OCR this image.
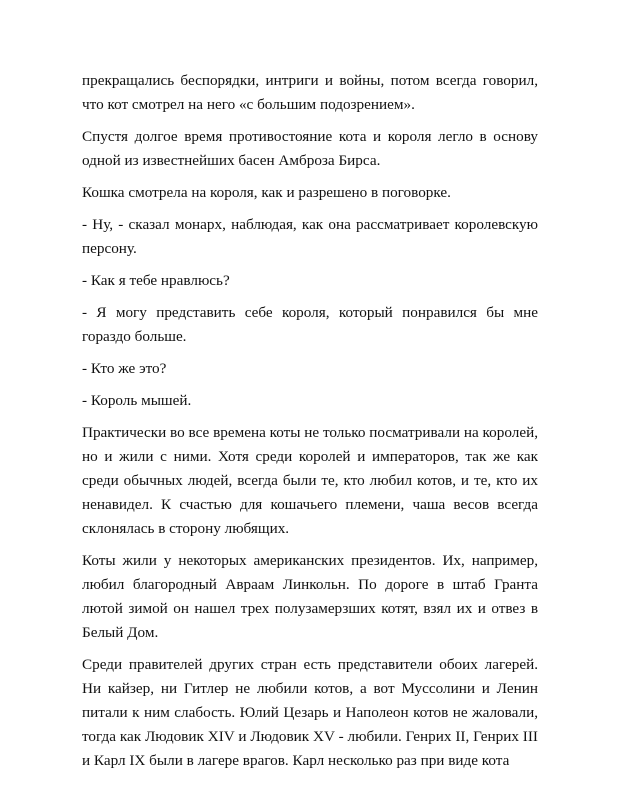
прекращались беспорядки, интриги и войны, потом всегда говорил, что кот смотрел на него «с большим подозрением».

Спустя долгое время противостояние кота и короля легло в основу одной из известнейших басен Амброза Бирса.

Кошка смотрела на короля, как и разрешено в поговорке.

- Ну, - сказал монарх, наблюдая, как она рассматривает королевскую персону.

- Как я тебе нравлюсь?

- Я могу представить себе короля, который понравился бы мне гораздо больше.

- Кто же это?

- Король мышей.

Практически во все времена коты не только посматривали на королей, но и жили с ними. Хотя среди королей и императоров, так же как среди обычных людей, всегда были те, кто любил котов, и те, кто их ненавидел. К счастью для кошачьего племени, чаша весов всегда склонялась в сторону любящих.

Коты жили у некоторых американских президентов. Их, например, любил благородный Авраам Линкольн. По дороге в штаб Гранта лютой зимой он нашел трех полузамерзших котят, взял их и отвез в Белый Дом.

Среди правителей других стран есть представители обоих лагерей. Ни кайзер, ни Гитлер не любили котов, а вот Муссолини и Ленин питали к ним слабость. Юлий Цезарь и Наполеон котов не жаловали, тогда как Людовик XIV и Людовик XV - любили. Генрих II, Генрих III и Карл IX были в лагере врагов. Карл несколько раз при виде кота
